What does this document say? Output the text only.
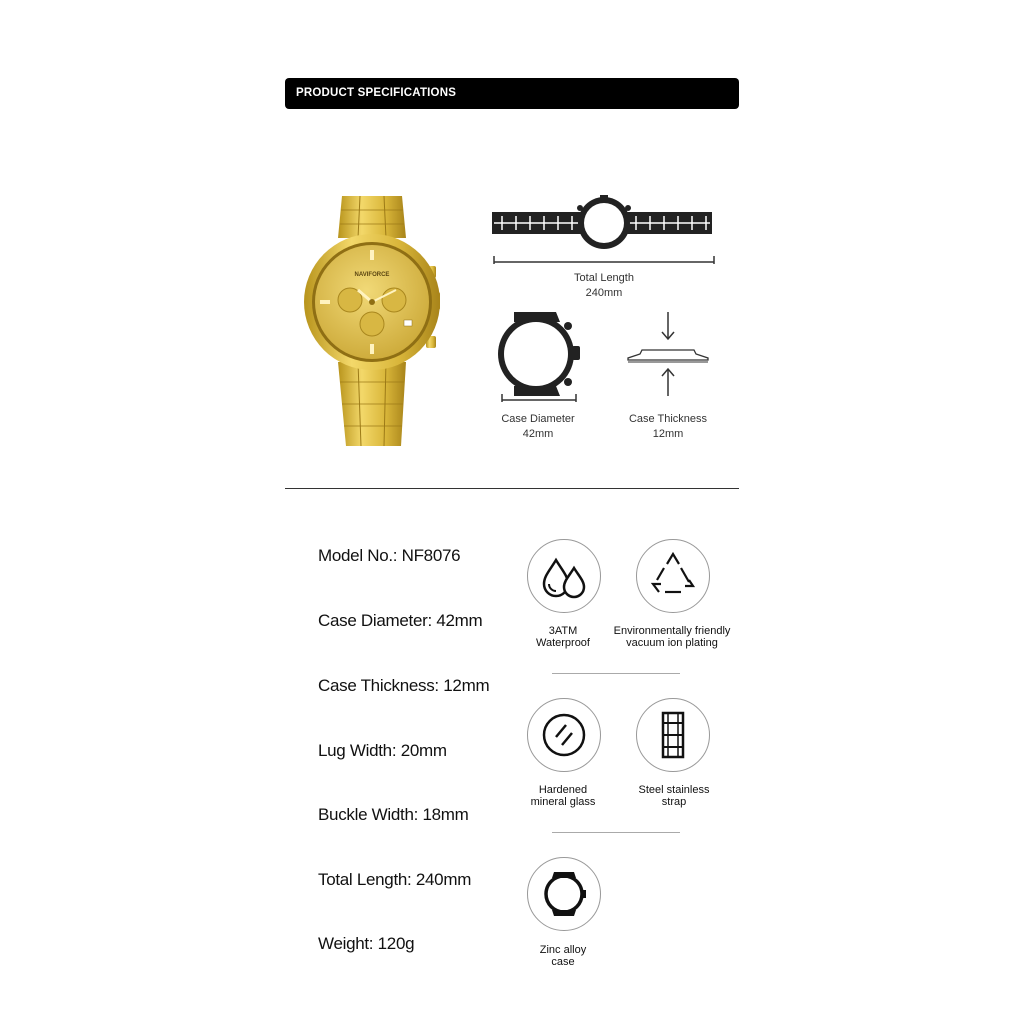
PRODUCT SPECIFICATIONS
NAVIFORCE	Total Length
240mm
Case Diameter
42mm
Case Thickness
12mm
Model No.: NF8076
Case Diameter: 42mm
Case Thickness: 12mm
Lug Width: 20mm
Buckle Width: 18mm
Total Length: 240mm
Weight: 120g
3ATM
Waterproof
Environmentally friendly
vacuum ion plating
Hardened
mineral glass
Steel stainless
strap
Zinc alloy
case
